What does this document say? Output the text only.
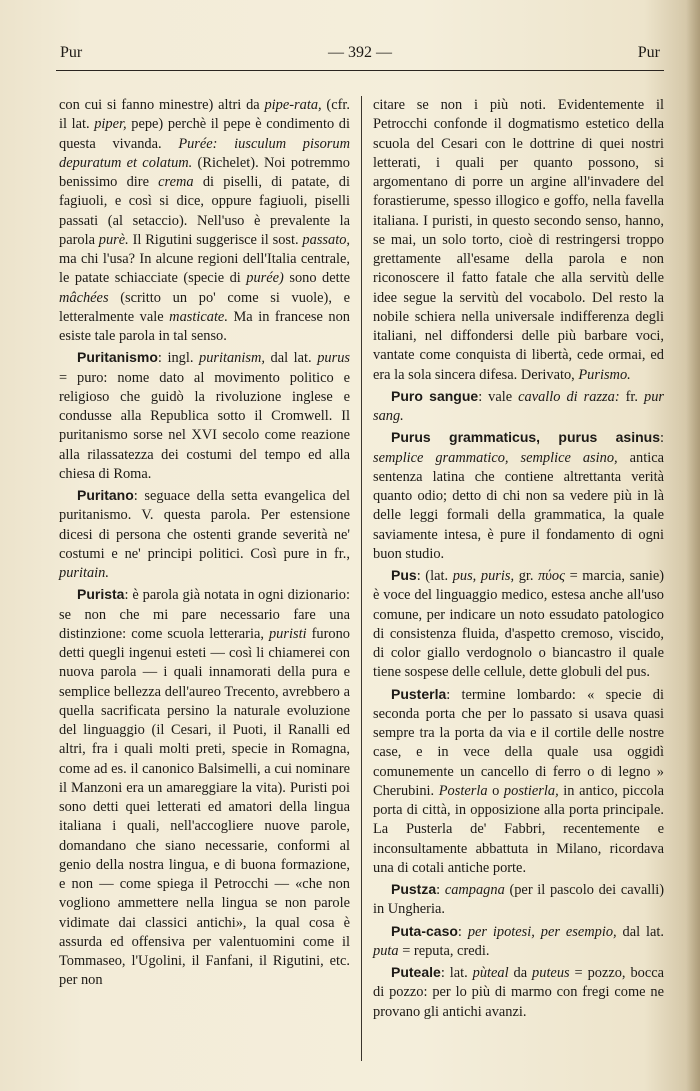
Pur	— 392 —	Pur

con cui si fanno minestre) altri da pipe-rata, (cfr. il lat. piper, pepe) perchè il pepe è condimento di questa vivanda. Purée: iusculum pisorum depuratum et colatum. (Richelet). Noi potremmo benissimo dire crema di piselli, di patate, di fagiuoli, e così si dice, oppure fagiuoli, piselli passati (al setaccio). Nell'uso è prevalente la parola purè. Il Rigutini suggerisce il sost. passato, ma chi l'usa? In alcune regioni dell'Italia centrale, le patate schiacciate (specie di purée) sono dette mâchées (scritto un po' come si vuole), e letteralmente vale masticate. Ma in francese non esiste tale parola in tal senso.

Puritanismo: ingl. puritanism, dal lat. purus = puro: nome dato al movimento politico e religioso che guidò la rivoluzione inglese e condusse alla Republica sotto il Cromwell. Il puritanismo sorse nel XVI secolo come reazione alla rilassatezza dei costumi del tempo ed alla chiesa di Roma.

Puritano: seguace della setta evangelica del puritanismo. V. questa parola. Per estensione dicesi di persona che ostenti grande severità ne' costumi e ne' principi politici. Così pure in fr., puritain.

Purista: è parola già notata in ogni dizionario: se non che mi pare necessario fare una distinzione: come scuola letteraria, puristi furono detti quegli ingenui esteti — così li chiamerei con nuova parola — i quali innamorati della pura e semplice bellezza dell'aureo Trecento, avrebbero a quella sacrificata persino la naturale evoluzione del linguaggio (il Cesari, il Puoti, il Ranalli ed altri, fra i quali molti preti, specie in Romagna, come ad es. il canonico Balsimelli, a cui nominare il Manzoni era un amareggiare la vita). Puristi poi sono detti quei letterati ed amatori della lingua italiana i quali, nell'accogliere nuove parole, domandano che siano necessarie, conformi al genio della nostra lingua, e di buona formazione, e non — come spiega il Petrocchi — «che non vogliono ammettere nella lingua se non parole vidimate dai classici antichi», la qual cosa è assurda ed offensiva per valentuomini come il Tommaseo, l'Ugolini, il Fanfani, il Rigutini, etc. per non

citare se non i più noti. Evidentemente il Petrocchi confonde il dogmatismo estetico della scuola del Cesari con le dottrine di quei nostri letterati, i quali per quanto possono, si argomentano di porre un argine all'invadere del forastierume, spesso illogico e goffo, nella favella italiana. I puristi, in questo secondo senso, hanno, se mai, un solo torto, cioè di restringersi troppo grettamente all'esame della parola e non riconoscere il fatto fatale che alla servitù delle idee segue la servitù del vocabolo. Del resto la nobile schiera nella universale indifferenza degli italiani, nel diffondersi delle più barbare voci, vantate come conquista di libertà, cede ormai, ed era la sola sincera difesa. Derivato, Purismo.

Puro sangue: vale cavallo di razza: fr. pur sang.

Purus grammaticus, purus asinus: semplice grammatico, semplice asino, antica sentenza latina che contiene altrettanta verità quanto odio; detto di chi non sa vedere più in là delle leggi formali della grammatica, la quale saviamente intesa, è pure il fondamento di ogni buon studio.

Pus: (lat. pus, puris, gr. πύος = marcia, sanie) è voce del linguaggio medico, estesa anche all'uso comune, per indicare un noto essudato patologico di consistenza fluida, d'aspetto cremoso, viscido, di color giallo verdognolo o biancastro il quale tiene sospese delle cellule, dette globuli del pus.

Pusterla: termine lombardo: « specie di seconda porta che per lo passato si usava quasi sempre tra la porta da via e il cortile delle nostre case, e in vece della quale usa oggidì comunemente un cancello di ferro o di legno » Cherubini. Posterla o postierla, in antico, piccola porta di città, in opposizione alla porta principale. La Pusterla de' Fabbri, recentemente e inconsultamente abbattuta in Milano, ricordava una di cotali antiche porte.

Pustza: campagna (per il pascolo dei cavalli) in Ungheria.

Puta-caso: per ipotesi, per esempio, dal lat. puta = reputa, credi.

Puteale: lat. pùteal da puteus = pozzo, bocca di pozzo: per lo più di marmo con fregi come ne provano gli antichi avanzi.
